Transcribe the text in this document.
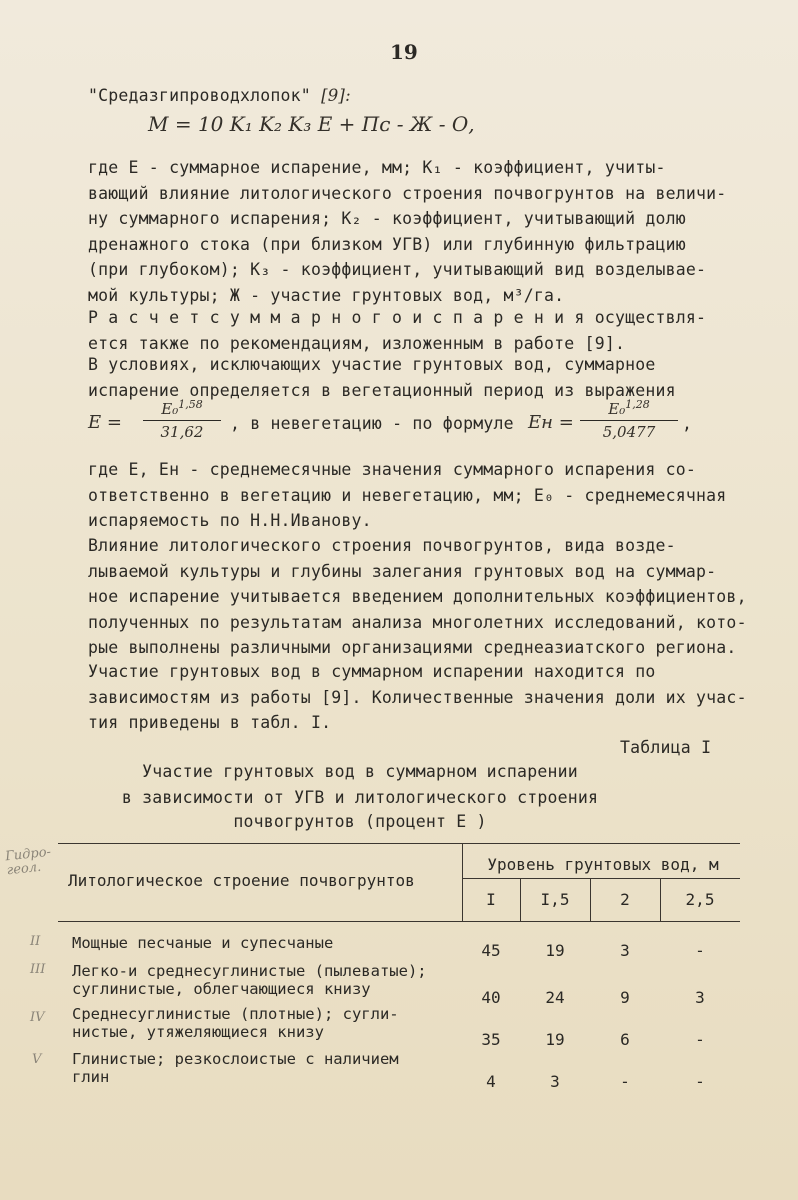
19
"Средазгипроводхлопок" [9]:
M = 10 K₁ K₂ K₃ E + Пᴄ - Ж - О,
где E - суммарное испарение, мм; K₁ - коэффициент, учиты-
вающий влияние литологического строения почвогрунтов на величи-
ну суммарного испарения; K₂ - коэффициент, учитывающий долю
дренажного стока (при близком УГВ) или глубинную фильтрацию
(при глубоком); K₃ - коэффициент, учитывающий вид возделывае-
мой культуры; Ж - участие грунтовых вод, м³/га.
Р а с ч е т с у м м а р н о г о и с п а р е н и я осуществля-
ется также по рекомендациям, изложенным в работе [9].
В условиях, исключающих участие грунтовых вод, суммарное
испарение определяется в вегетационный период из выражения
E =
E₀$^{1,58}$
31,62	, в невегетацию - по формуле Eн =
E₀$^{1,28}$
5,0477	,
где E, Eн - среднемесячные значения суммарного испарения со-
ответственно в вегетацию и невегетацию, мм; E₀ - среднемесячная
испаряемость по Н.Н.Иванову.
Влияние литологического строения почвогрунтов, вида возде-
лываемой культуры и глубины залегания грунтовых вод на суммар-
ное испарение учитывается введением дополнительных коэффициентов,
полученных по результатам анализа многолетних исследований, кото-
рые выполнены различными организациями среднеазиатского региона.
Участие грунтовых вод в суммарном испарении находится по
зависимостям из работы [9]. Количественные значения доли их учас-
тия приведены в табл. I.
Таблица I
Участие грунтовых вод в суммарном испарении
в зависимости от УГВ и литологического строения
почвогрунтов (процент E )
Литологическое строение почвогрунтов
Уровень грунтовых вод, м
I	I,5	2	2,5
Мощные песчаные и супесчаные	45	19	3	-
Легко-и среднесуглинистые (пылеватые);
суглинистые, облегчающиеся книзу	40	24	9	3
Среднесуглинистые (плотные); сугли-
нистые, утяжеляющиеся книзу	35	19	6	-
Глинистые; резкослоистые с наличием
глин	4	3	-	-
Гидро-
геол.
II
III
IV
V
